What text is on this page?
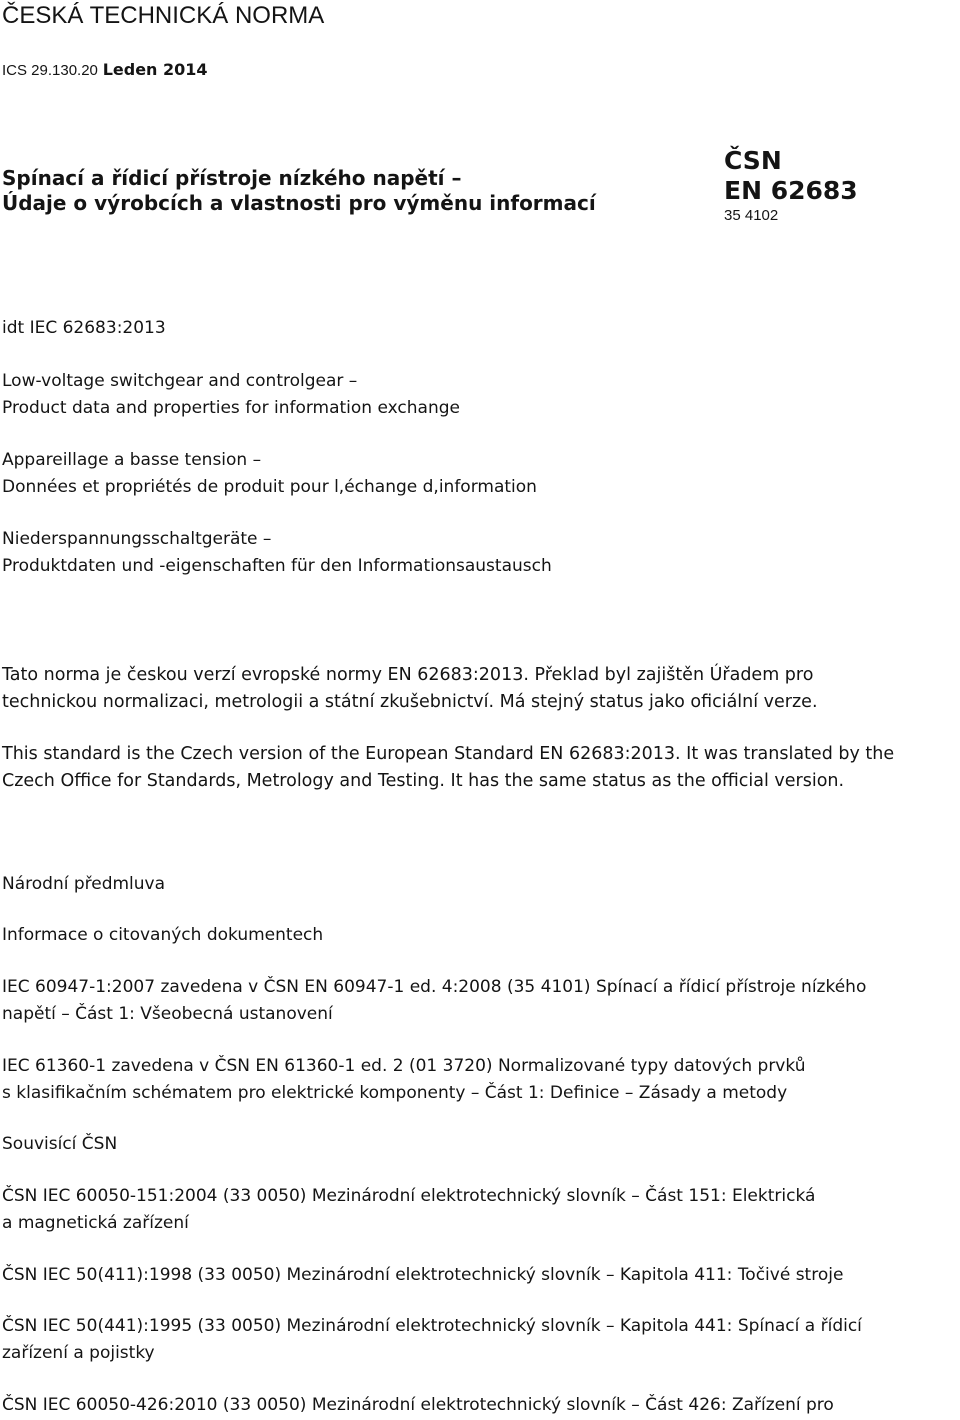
ČESKÁ TECHNICKÁ NORMA
ICS 29.130.20 Leden 2014
Spínací a řídicí přístroje nízkého napětí –
Údaje o výrobcích a vlastnosti pro výměnu informací
ČSN
EN 62683
35 4102
idt IEC 62683:2013
Low-voltage switchgear and controlgear –
Product data and properties for information exchange
Appareillage a basse tension –
Données et propriétés de produit pour l,échange d,information
Niederspannungsschaltgeräte –
Produktdaten und -eigenschaften für den Informationsaustausch
Tato norma je českou verzí evropské normy EN 62683:2013. Překlad byl zajištěn Úřadem pro
technickou normalizaci, metrologii a státní zkušebnictví. Má stejný status jako oficiální verze.
This standard is the Czech version of the European Standard EN 62683:2013. It was translated by the
Czech Office for Standards, Metrology and Testing. It has the same status as the official version.
Národní předmluva
Informace o citovaných dokumentech
IEC 60947-1:2007 zavedena v ČSN EN 60947-1 ed. 4:2008 (35 4101) Spínací a řídicí přístroje nízkého
napětí – Část 1: Všeobecná ustanovení
IEC 61360-1 zavedena v ČSN EN 61360-1 ed. 2 (01 3720) Normalizované typy datových prvků
s klasifikačním schématem pro elektrické komponenty – Část 1: Definice – Zásady a metody
Souvisící ČSN
ČSN IEC 60050-151:2004 (33 0050) Mezinárodní elektrotechnický slovník – Část 151: Elektrická
a magnetická zařízení
ČSN IEC 50(411):1998 (33 0050) Mezinárodní elektrotechnický slovník – Kapitola 411: Točivé stroje
ČSN IEC 50(441):1995 (33 0050) Mezinárodní elektrotechnický slovník – Kapitola 441: Spínací a řídicí
zařízení a pojistky
ČSN IEC 60050-426:2010 (33 0050) Mezinárodní elektrotechnický slovník – Část 426: Zařízení pro
